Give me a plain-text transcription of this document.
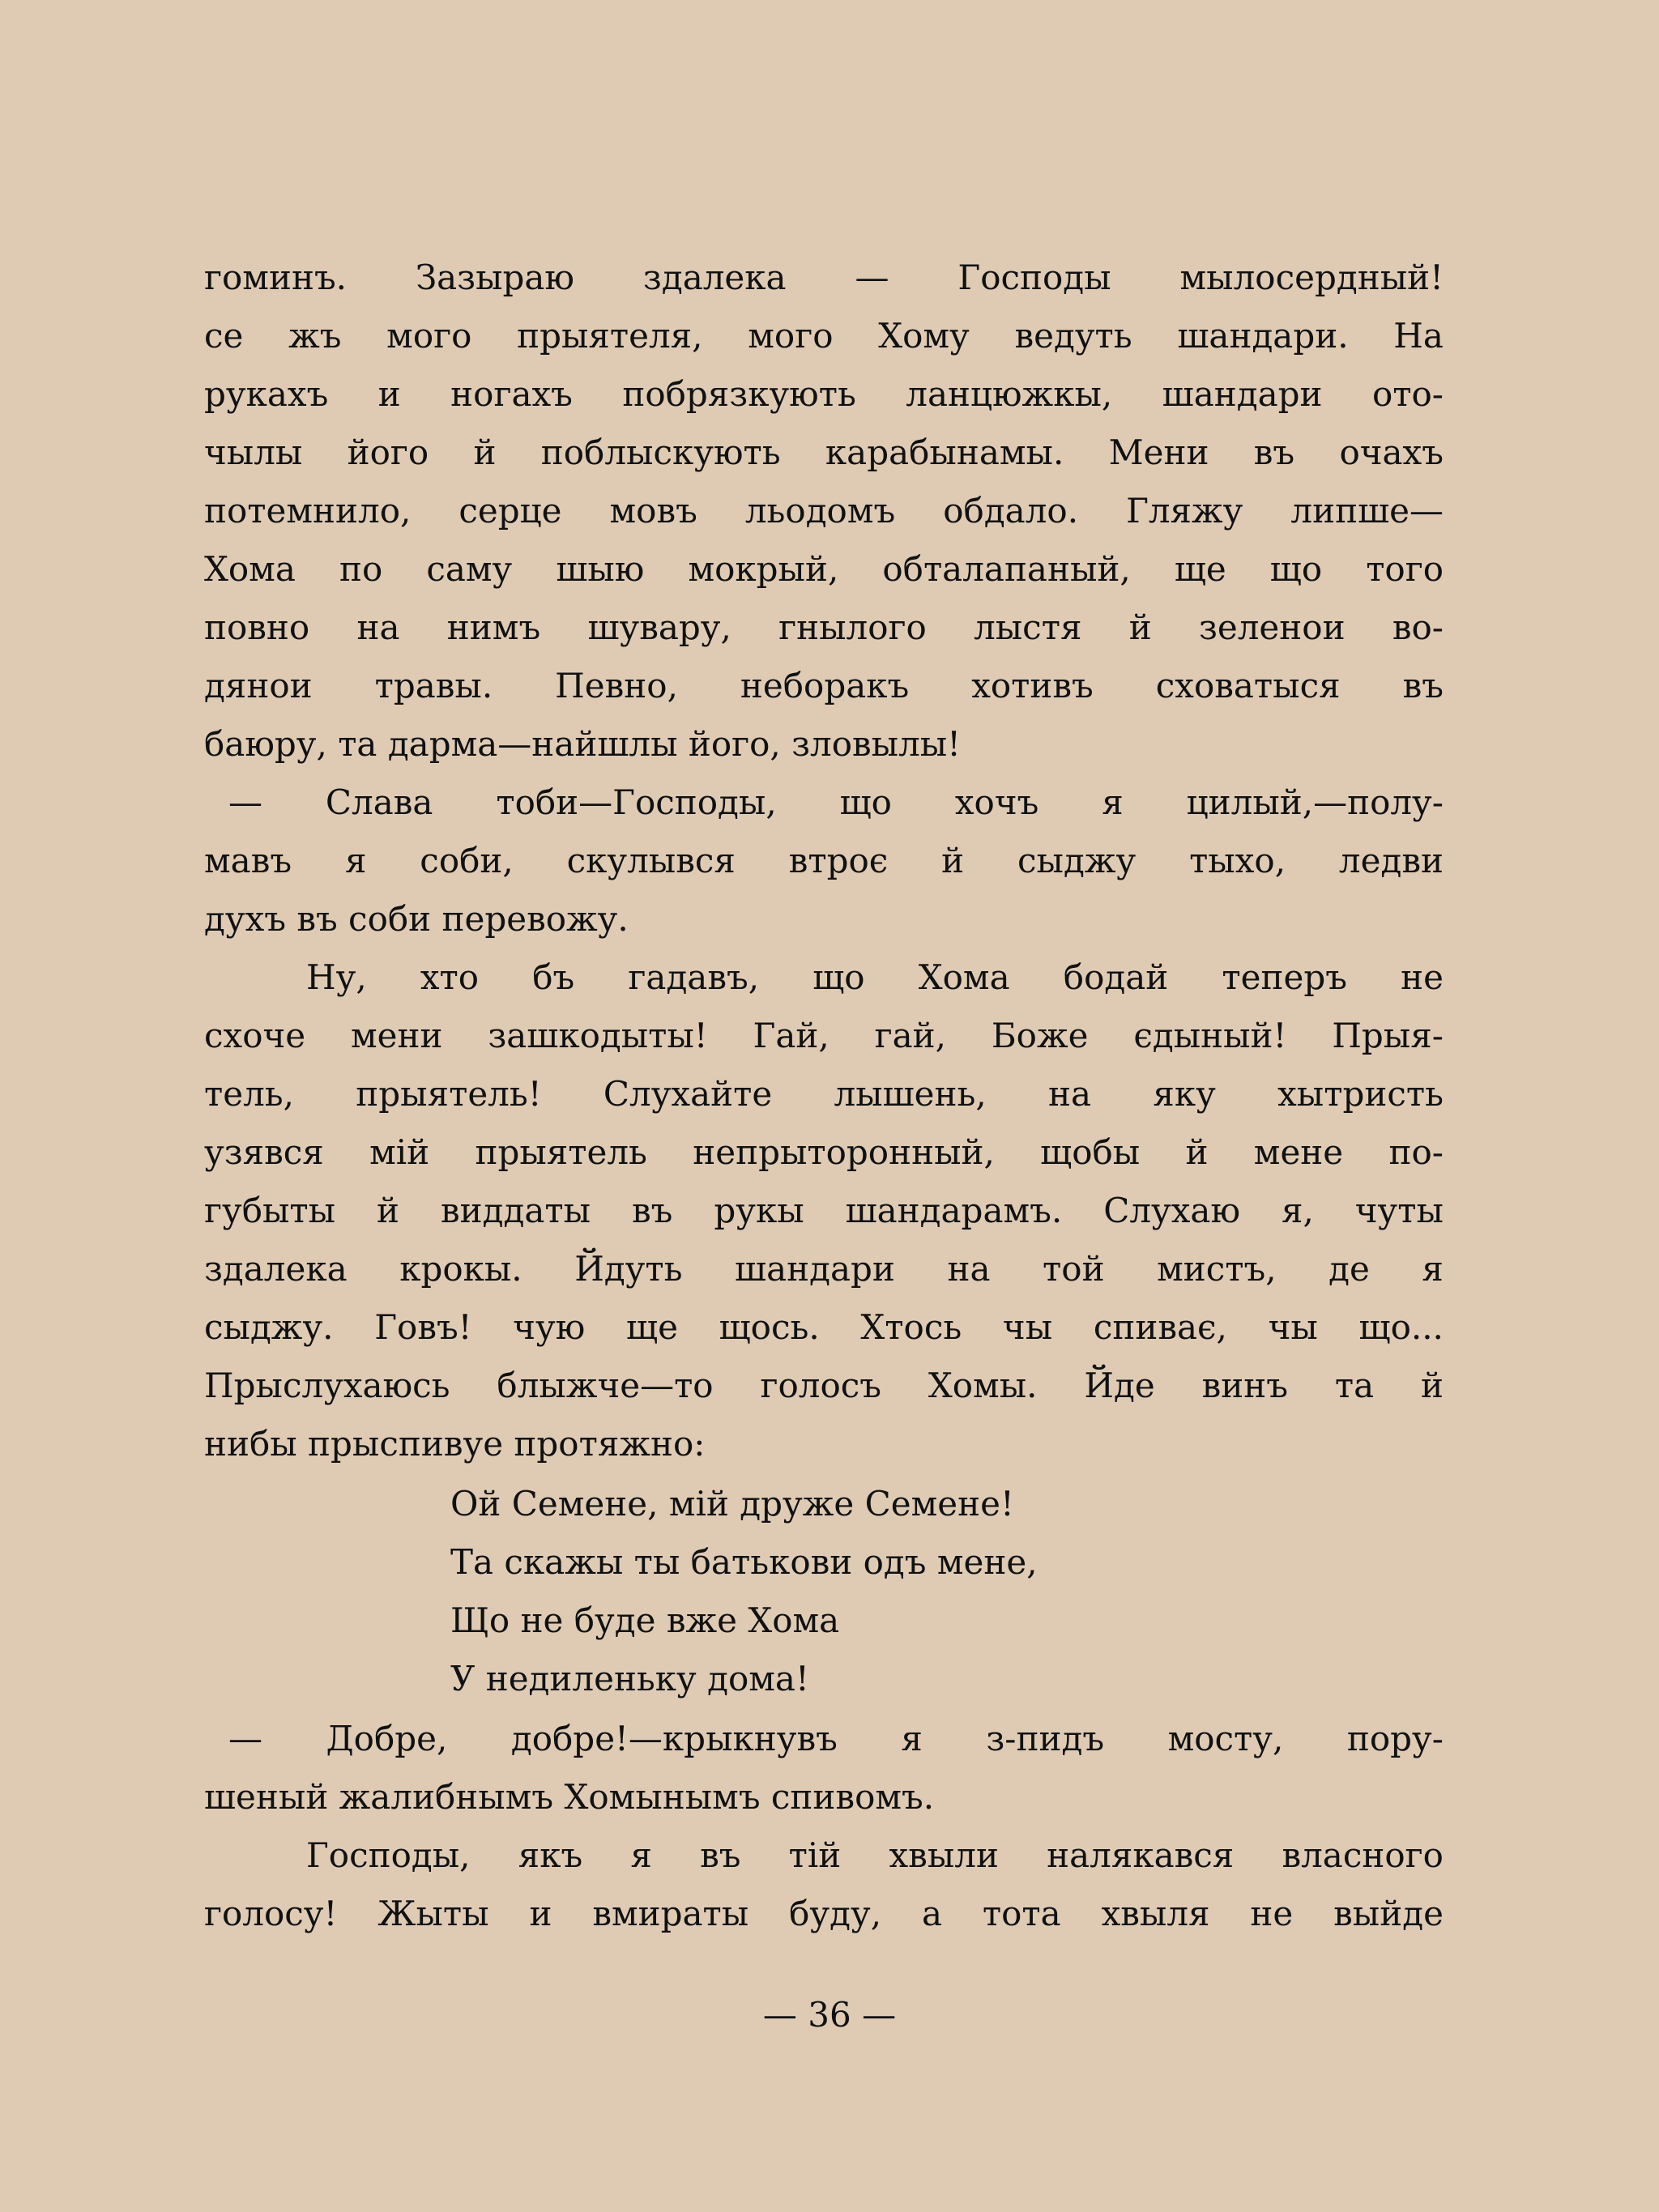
гоминъ. Зазыраю здалека — Господы мылосердный!
се жъ мого прыятеля, мого Хому ведуть шандари. На
рукахъ и ногахъ побрязкують ланцюжкы, шандари ото-
чылы його й поблыскують карабынамы. Мени въ очахъ
потемнило, серце мовъ льодомъ обдало. Гляжу липше—
Хома по саму шыю мокрый, обталапаный, ще що того
повно на нимъ шувару, гнылого лыстя й зеленои во-
дянои травы. Певно, неборакъ хотивъ сховатыся въ
баюру, та дарма—найшлы його, зловылы!
— Слава тоби—Господы, що хочъ я цилый,—полу-
мавъ я соби, скулывся втроє й сыджу тыхо, ледви
духъ въ соби перевожу.
Ну, хто бъ гадавъ, що Хома бодай теперъ не
схоче мени зашкодыты! Гай, гай, Боже єдыный! Прыя-
тель, прыятель! Слухайте лышень, на яку хытристь
узявся мій прыятель непрыторонный, щобы й мене по-
губыты й виддаты въ рукы шандарамъ. Слухаю я, чуты
здалека крокы. Йдуть шандари на той мистъ, де я
сыджу. Говъ! чую ще щось. Хтось чы спиває, чы що...
Прыслухаюсь блыжче—то голосъ Хомы. Йде винъ та й
нибы прыспивуе протяжно:
Ой Семене, мій друже Семене!
Та скажы ты батькови одъ мене,
Що не буде вже Хома
У недиленьку дома!
— Добре, добре!—крыкнувъ я з-пидъ мосту, пору-
шеный жалибнымъ Хомынымъ спивомъ.
Господы, якъ я въ тій хвыли налякався власного
голосу! Жыты и вмираты буду, а тота хвыля не выйде
— 36 —
